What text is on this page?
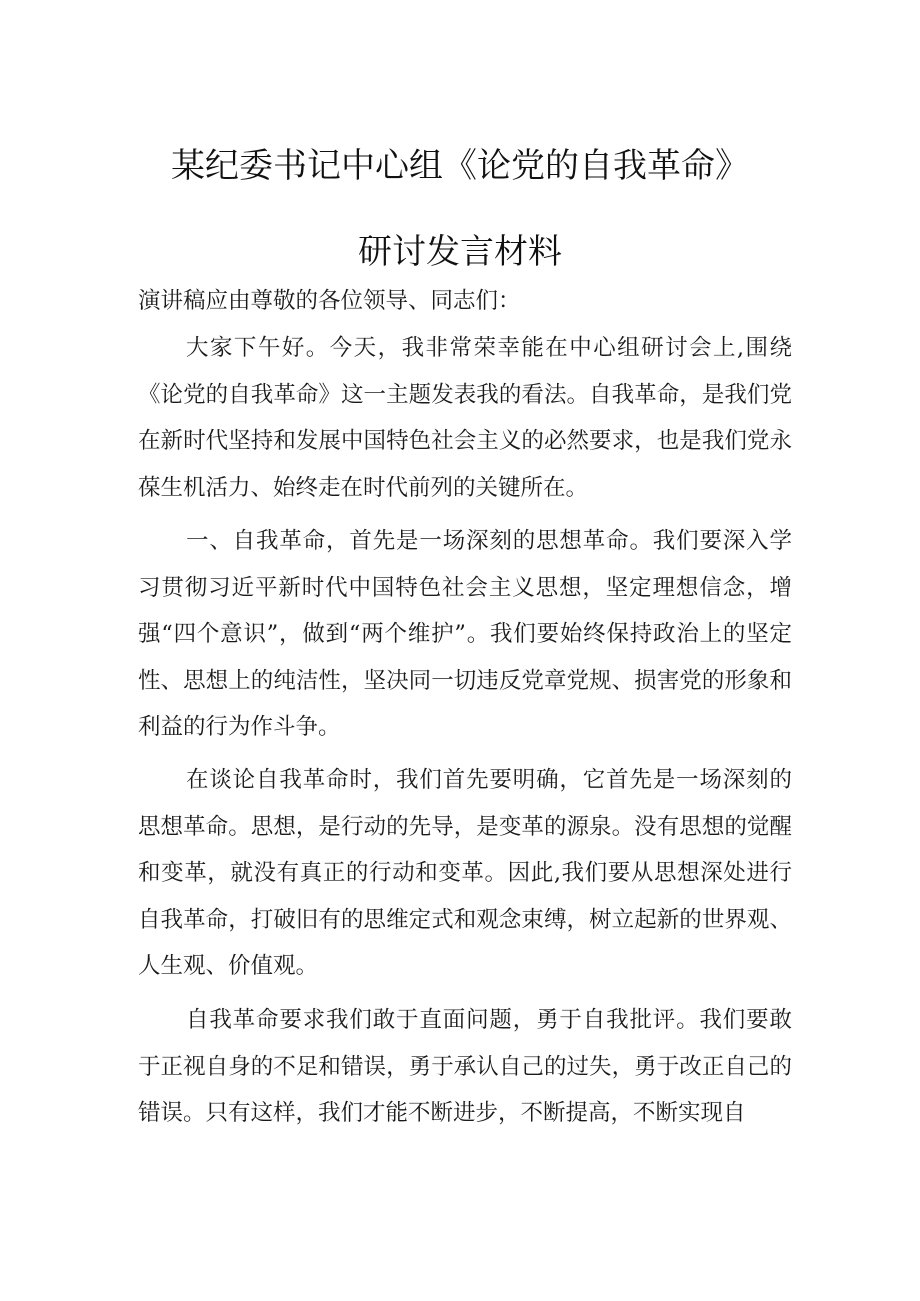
某纪委书记中心组《论党的自我革命》
研讨发言材料

演讲稿应由尊敬的各位领导、同志们：

大家下午好。今天，我非常荣幸能在中心组研讨会上,围绕《论党的自我革命》这一主题发表我的看法。自我革命，是我们党在新时代坚持和发展中国特色社会主义的必然要求，也是我们党永葆生机活力、始终走在时代前列的关键所在。

一、自我革命，首先是一场深刻的思想革命。我们要深入学习贯彻习近平新时代中国特色社会主义思想，坚定理想信念，增强“四个意识”，做到“两个维护”。我们要始终保持政治上的坚定性、思想上的纯洁性，坚决同一切违反党章党规、损害党的形象和利益的行为作斗争。

在谈论自我革命时，我们首先要明确，它首先是一场深刻的思想革命。思想，是行动的先导，是变革的源泉。没有思想的觉醒和变革，就没有真正的行动和变革。因此,我们要从思想深处进行自我革命，打破旧有的思维定式和观念束缚，树立起新的世界观、人生观、价值观。

自我革命要求我们敢于直面问题，勇于自我批评。我们要敢于正视自身的不足和错误，勇于承认自己的过失，勇于改正自己的错误。只有这样，我们才能不断进步，不断提高，不断实现自
